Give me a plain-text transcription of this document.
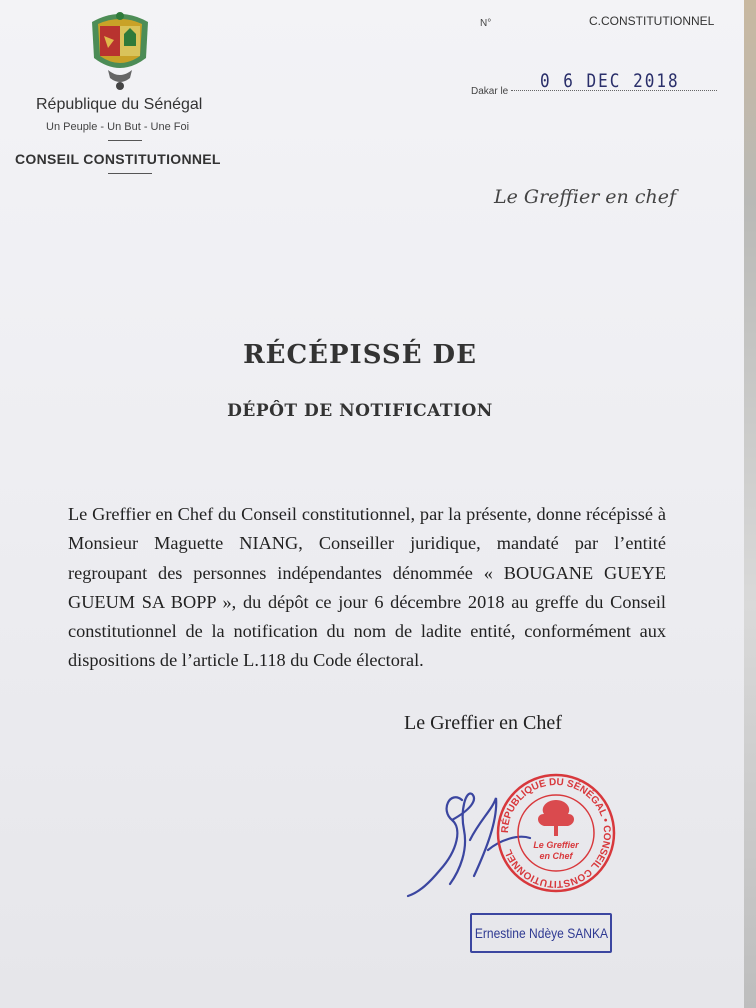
République du Sénégal
Un Peuple - Un But - Une Foi
CONSEIL CONSTITUTIONNEL
N°	C.CONSTITUTIONNEL
Dakar le
0 6 DEC 2018
Le Greffier en chef
RÉCÉPISSÉ DE
DÉPÔT DE NOTIFICATION
Le Greffier en Chef du Conseil constitutionnel, par la présente, donne récépissé à Monsieur Maguette NIANG, Conseiller juridique, mandaté par l’entité regroupant des personnes indépendantes dénommée « BOUGANE GUEYE GUEUM SA BOPP », du dépôt ce jour 6 décembre 2018 au greffe du Conseil constitutionnel de la notification du nom de ladite entité, conformément aux dispositions de l’article L.118 du Code électoral.
Le Greffier en Chef
RÉPUBLIQUE DU SÉNÉGAL • CONSEIL CONSTITUTIONNEL
Le Greffier
en Chef
Ernestine Ndèye SANKA
